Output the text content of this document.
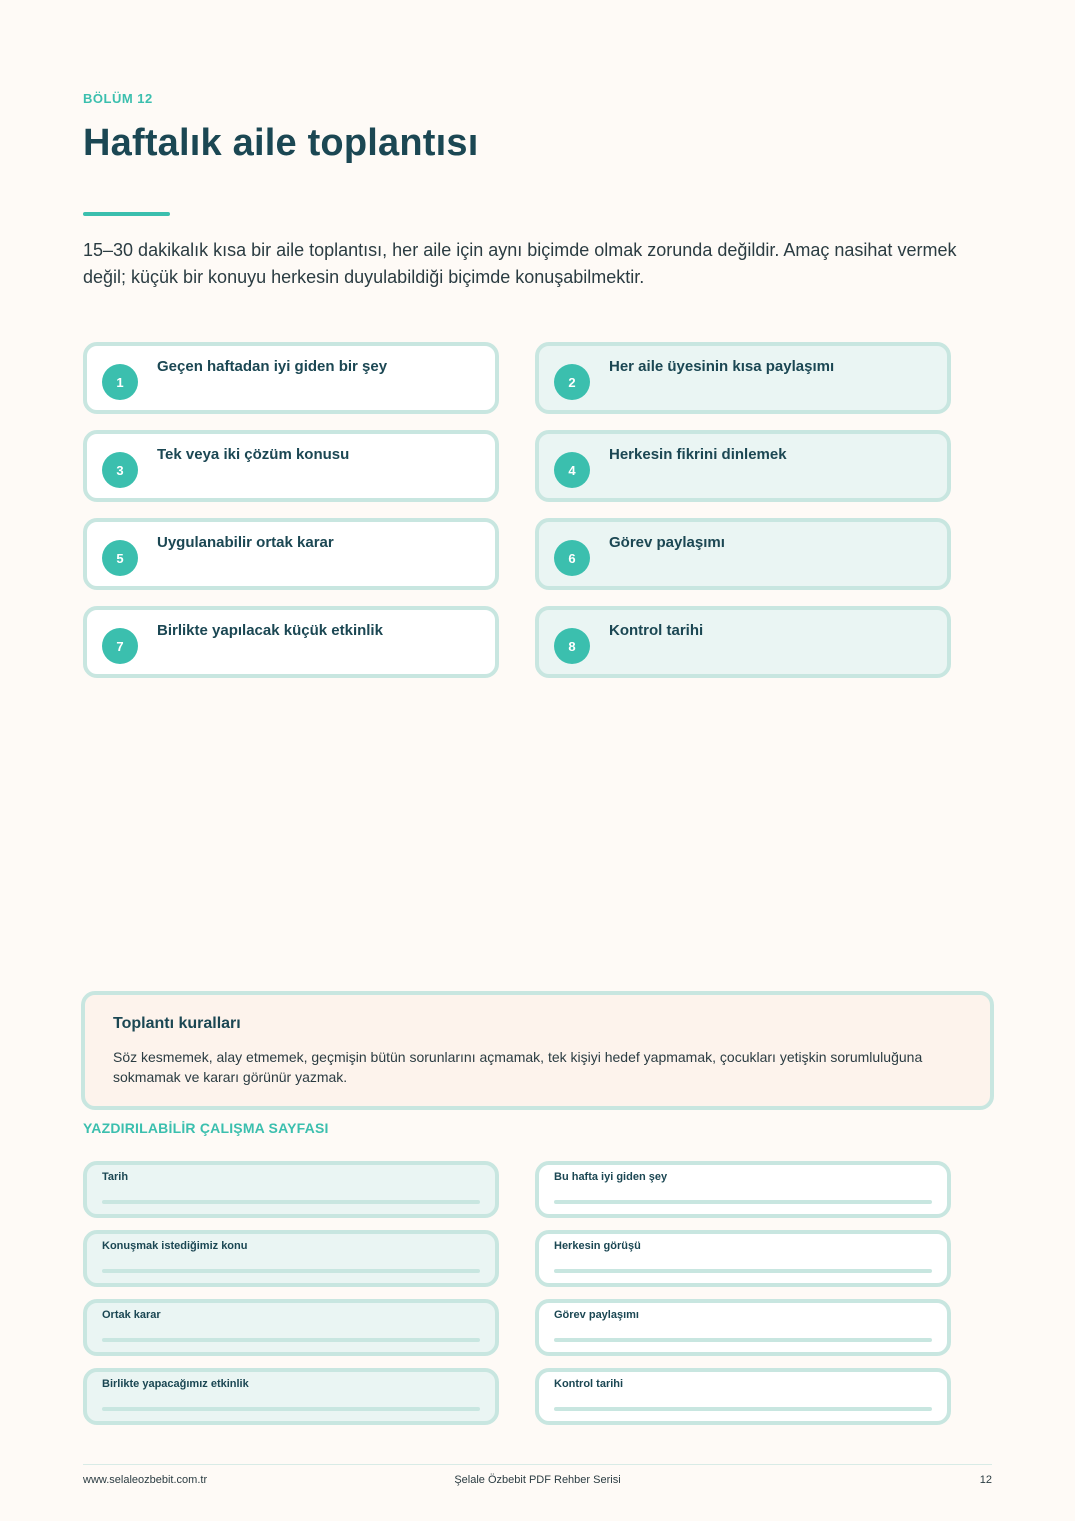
BÖLÜM 12
Haftalık aile toplantısı

15–30 dakikalık kısa bir aile toplantısı, her aile için aynı biçimde olmak zorunda değildir. Amaç nasihat vermek değil; küçük bir konuyu herkesin duyulabildiği biçimde konuşabilmektir.

1
Geçen haftadan iyi giden bir şey
2
Her aile üyesinin kısa paylaşımı
3
Tek veya iki çözüm konusu
4
Herkesin fikrini dinlemek
5
Uygulanabilir ortak karar
6
Görev paylaşımı
7
Birlikte yapılacak küçük etkinlik
8
Kontrol tarihi
Toplantı kuralları
Söz kesmemek, alay etmemek, geçmişin bütün sorunlarını açmamak, tek kişiyi hedef yapmamak, çocukları yetişkin sorumluluğuna sokmamak ve kararı görünür yazmak.
YAZDIRILABİLİR ÇALIŞMA SAYFASI
Tarih	Bu hafta iyi giden şey
Konuşmak istediğimiz konu	Herkesin görüşü
Ortak karar	Görev paylaşımı
Birlikte yapacağımız etkinlik	Kontrol tarihi
www.selaleozbebit.com.tr	Şelale Özbebit PDF Rehber Serisi	12
